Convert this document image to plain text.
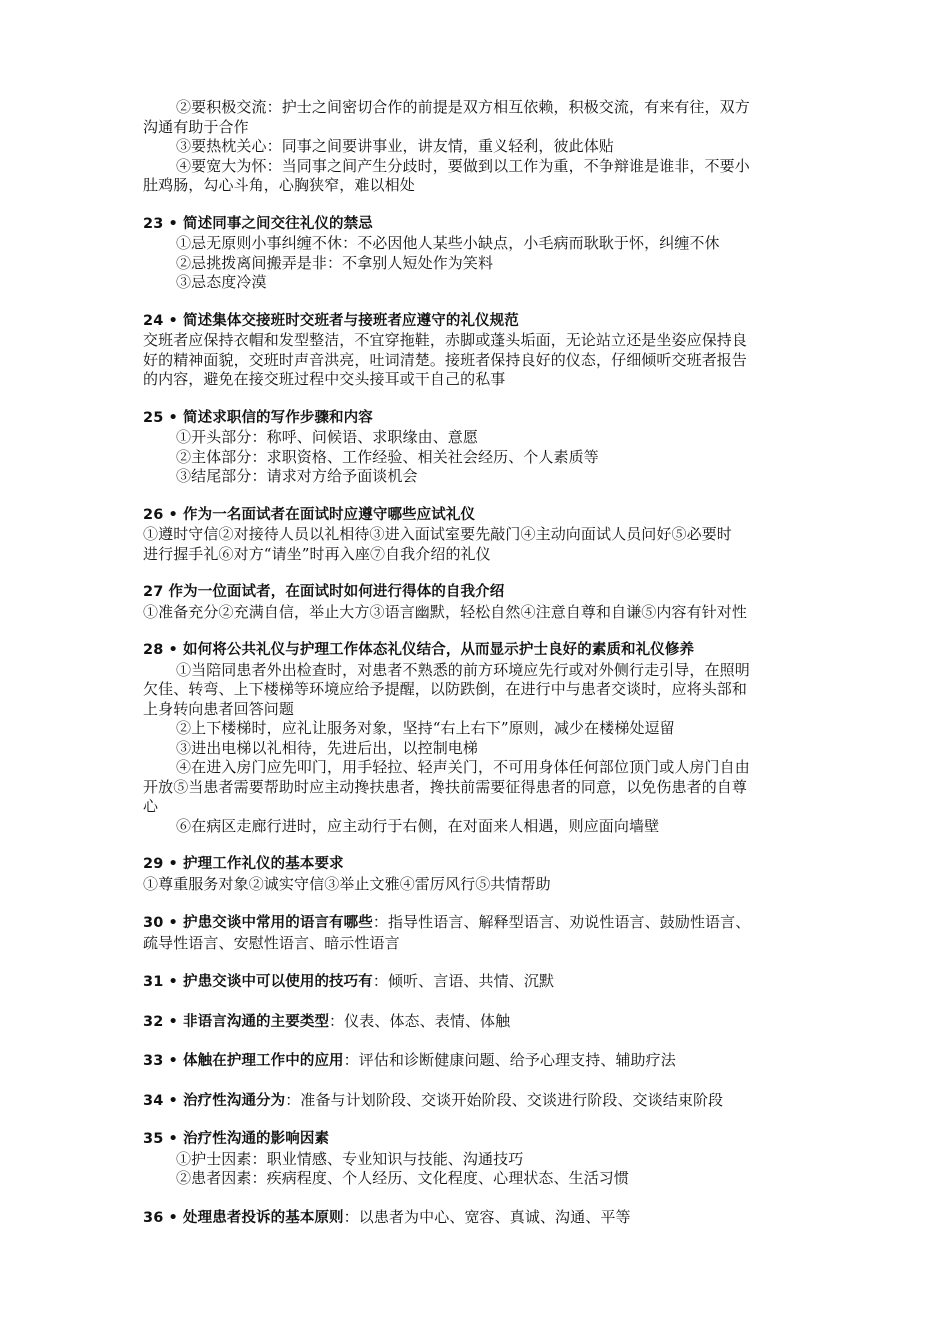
②要积极交流：护士之间密切合作的前提是双方相互依赖，积极交流，有来有往，双方
沟通有助于合作
③要热枕关心：同事之间要讲事业，讲友情，重义轻利，彼此体贴
④要宽大为怀：当同事之间产生分歧时，要做到以工作为重，不争辩谁是谁非，不要小
肚鸡肠，勾心斗角，心胸狭窄，难以相处
23 • 简述同事之间交往礼仪的禁忌
①忌无原则小事纠缠不休：不必因他人某些小缺点，小毛病而耿耿于怀，纠缠不休
②忌挑拨离间搬弄是非：不拿别人短处作为笑料
③忌态度冷漠
24 • 简述集体交接班时交班者与接班者应遵守的礼仪规范
交班者应保持衣帽和发型整洁，不宜穿拖鞋，赤脚或蓬头垢面，无论站立还是坐姿应保持良
好的精神面貌，交班时声音洪亮，吐词清楚。接班者保持良好的仪态，仔细倾听交班者报告
的内容，避免在接交班过程中交头接耳或干自己的私事
25 • 简述求职信的写作步骤和内容
①开头部分：称呼、问候语、求职缘由、意愿
②主体部分：求职资格、工作经验、相关社会经历、个人素质等
③结尾部分：请求对方给予面谈机会
26 • 作为一名面试者在面试时应遵守哪些应试礼仪
①遵时守信②对接待人员以礼相待③进入面试室要先敲门④主动向面试人员问好⑤必要时
进行握手礼⑥对方“请坐”时再入座⑦自我介绍的礼仪
27 作为一位面试者，在面试时如何进行得体的自我介绍
①准备充分②充满自信，举止大方③语言幽默，轻松自然④注意自尊和自谦⑤内容有针对性
28 • 如何将公共礼仪与护理工作体态礼仪结合，从而显示护士良好的素质和礼仪修养
①当陪同患者外出检查时，对患者不熟悉的前方环境应先行或对外侧行走引导，在照明
欠佳、转弯、上下楼梯等环境应给予提醒，以防跌倒，在进行中与患者交谈时，应将头部和
上身转向患者回答问题
②上下楼梯时，应礼让服务对象，坚持“右上右下”原则，减少在楼梯处逗留
③进出电梯以礼相待，先进后出，以控制电梯
④在进入房门应先叩门，用手轻拉、轻声关门，不可用身体任何部位顶门或人房门自由
开放⑤当患者需要帮助时应主动搀扶患者，搀扶前需要征得患者的同意，以免伤患者的自尊
心
⑥在病区走廊行进时，应主动行于右侧，在对面来人相遇，则应面向墙壁
29 • 护理工作礼仪的基本要求
①尊重服务对象②诚实守信③举止文雅④雷厉风行⑤共情帮助
30 • 护患交谈中常用的语言有哪些：指导性语言、解释型语言、劝说性语言、鼓励性语言、
疏导性语言、安慰性语言、暗示性语言
31 • 护患交谈中可以使用的技巧有：倾听、言语、共情、沉默
32 • 非语言沟通的主要类型：仪表、体态、表情、体触
33 • 体触在护理工作中的应用：评估和诊断健康问题、给予心理支持、辅助疗法
34 • 治疗性沟通分为：准备与计划阶段、交谈开始阶段、交谈进行阶段、交谈结束阶段
35 • 治疗性沟通的影响因素
①护士因素：职业情感、专业知识与技能、沟通技巧
②患者因素：疾病程度、个人经历、文化程度、心理状态、生活习惯
36 • 处理患者投诉的基本原则：以患者为中心、宽容、真诚、沟通、平等
